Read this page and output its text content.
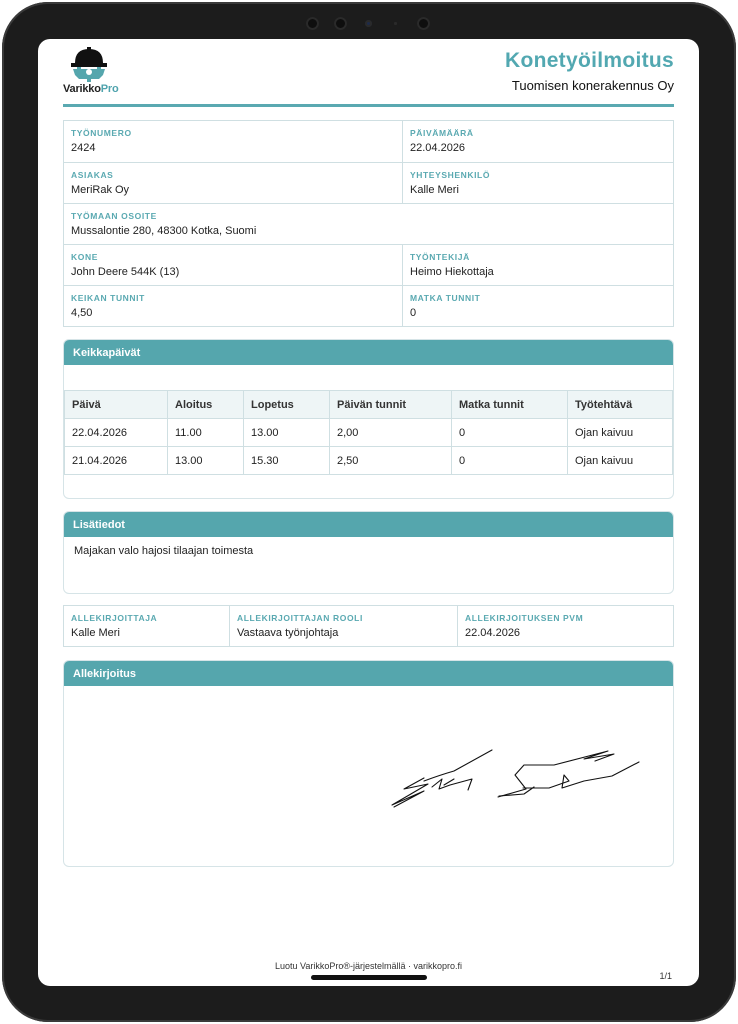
VarikkoPro
Konetyöilmoitus
Tuomisen konerakennus Oy
TYÖNUMERO
2424
PÄIVÄMÄÄRÄ
22.04.2026
ASIAKAS
MeriRak Oy
YHTEYSHENKILÖ
Kalle Meri
TYÖMAAN OSOITE
Mussalontie 280, 48300 Kotka, Suomi
KONE
John Deere 544K (13)
TYÖNTEKIJÄ
Heimo Hiekottaja
KEIKAN TUNNIT
4,50
MATKA TUNNIT
0
Keikkapäivät
Päivä	Aloitus	Lopetus	Päivän tunnit	Matka tunnit	Työtehtävä
22.04.2026	11.00	13.00	2,00	0	Ojan kaivuu
21.04.2026	13.00	15.30	2,50	0	Ojan kaivuu
Lisätiedot
Majakan valo hajosi tilaajan toimesta
ALLEKIRJOITTAJA
Kalle Meri
ALLEKIRJOITTAJAN ROOLI
Vastaava työnjohtaja
ALLEKIRJOITUKSEN PVM
22.04.2026
Allekirjoitus
Luotu VarikkoPro®-järjestelmällä · varikkopro.fi
1/1
